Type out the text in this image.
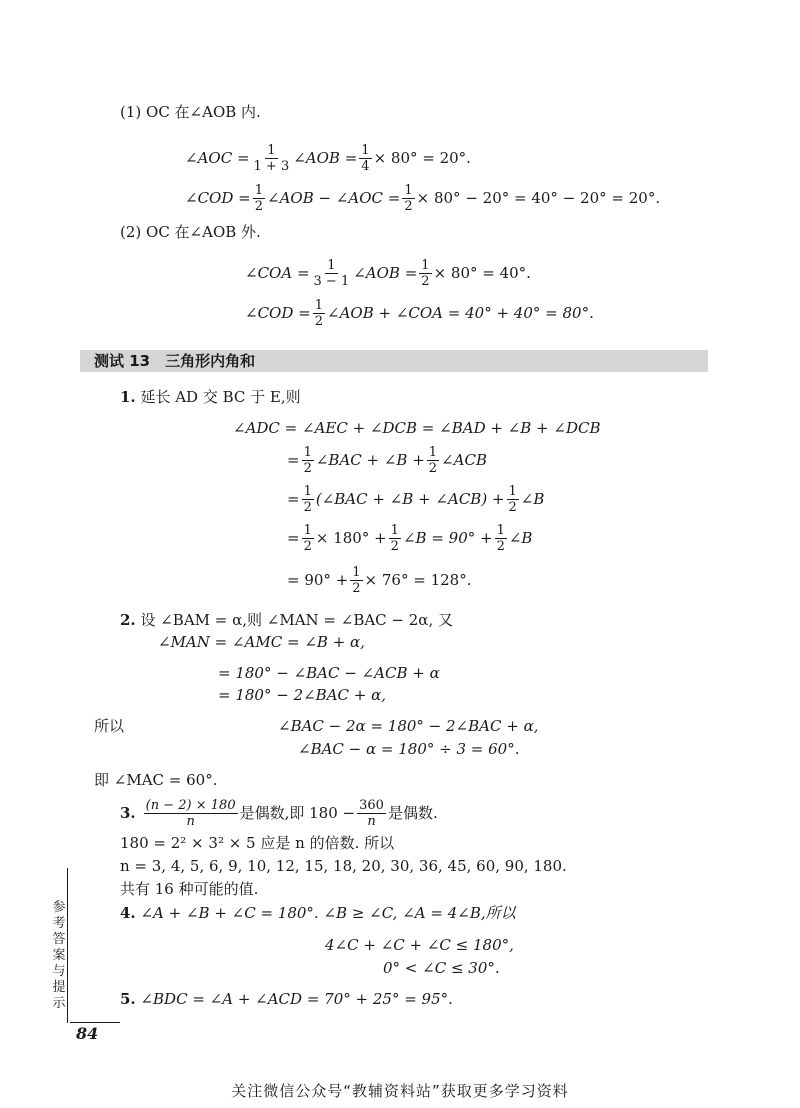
(1) OC 在∠AOB 内.
∠AOC = $\frac{1}{1 + 3}$ ∠AOB = $\frac{1}{4} \times 80^\circ = 20^\circ$.
∠COD = $\frac{1}{2}$ ∠AOB − ∠AOC = $\frac{1}{2} \times 80^\circ - 20^\circ = 40^\circ - 20^\circ = 20^\circ$.
(2) OC 在∠AOB 外.
∠COA = $\frac{1}{3 - 1}$ ∠AOB = $\frac{1}{2} \times 80^\circ = 40^\circ$.
∠COD = $\frac{1}{2}$ ∠AOB + ∠COA = 40° + 40° = 80°.
测试 13　三角形内角和
1. 延长 AD 交 BC 于 E,则
∠ADC = ∠AEC + ∠DCB = ∠BAD + ∠B + ∠DCB
= $\frac{1}{2}$ ∠BAC + ∠B + $\frac{1}{2}$ ∠ACB
= $\frac{1}{2}$ (∠BAC + ∠B + ∠ACB) + $\frac{1}{2}$ ∠B
= $\frac{1}{2} \times 180^\circ + \frac{1}{2}$ ∠B = $90^\circ + \frac{1}{2}$ ∠B
= $90^\circ + \frac{1}{2} \times 76^\circ = 128^\circ$.
2. 设 ∠BAM = α,则 ∠MAN = ∠BAC − 2α, 又
∠MAN = ∠AMC = ∠B + α,
= 180° − ∠BAC − ∠ACB + α
= 180° − 2∠BAC + α,
所以	∠BAC − 2α = 180° − 2∠BAC + α,
∠BAC − α = 180° ÷ 3 = 60°.
即 ∠MAC = 60°.
3. $\frac{(n - 2) \times 180}{n}$ 是偶数,即 $180 - \frac{360}{n}$ 是偶数.
180 = 2² × 3² × 5 应是 n 的倍数. 所以
n = 3, 4, 5, 6, 9, 10, 12, 15, 18, 20, 30, 36, 45, 60, 90, 180.
共有 16 种可能的值.
4. ∠A + ∠B + ∠C = 180°. ∠B ≥ ∠C, ∠A = 4∠B,所以
4∠C + ∠C + ∠C ≤ 180°,
0° < ∠C ≤ 30°.
5. ∠BDC = ∠A + ∠ACD = 70° + 25° = 95°.
参考答案与提示
84
关注微信公众号“教辅资料站”获取更多学习资料
